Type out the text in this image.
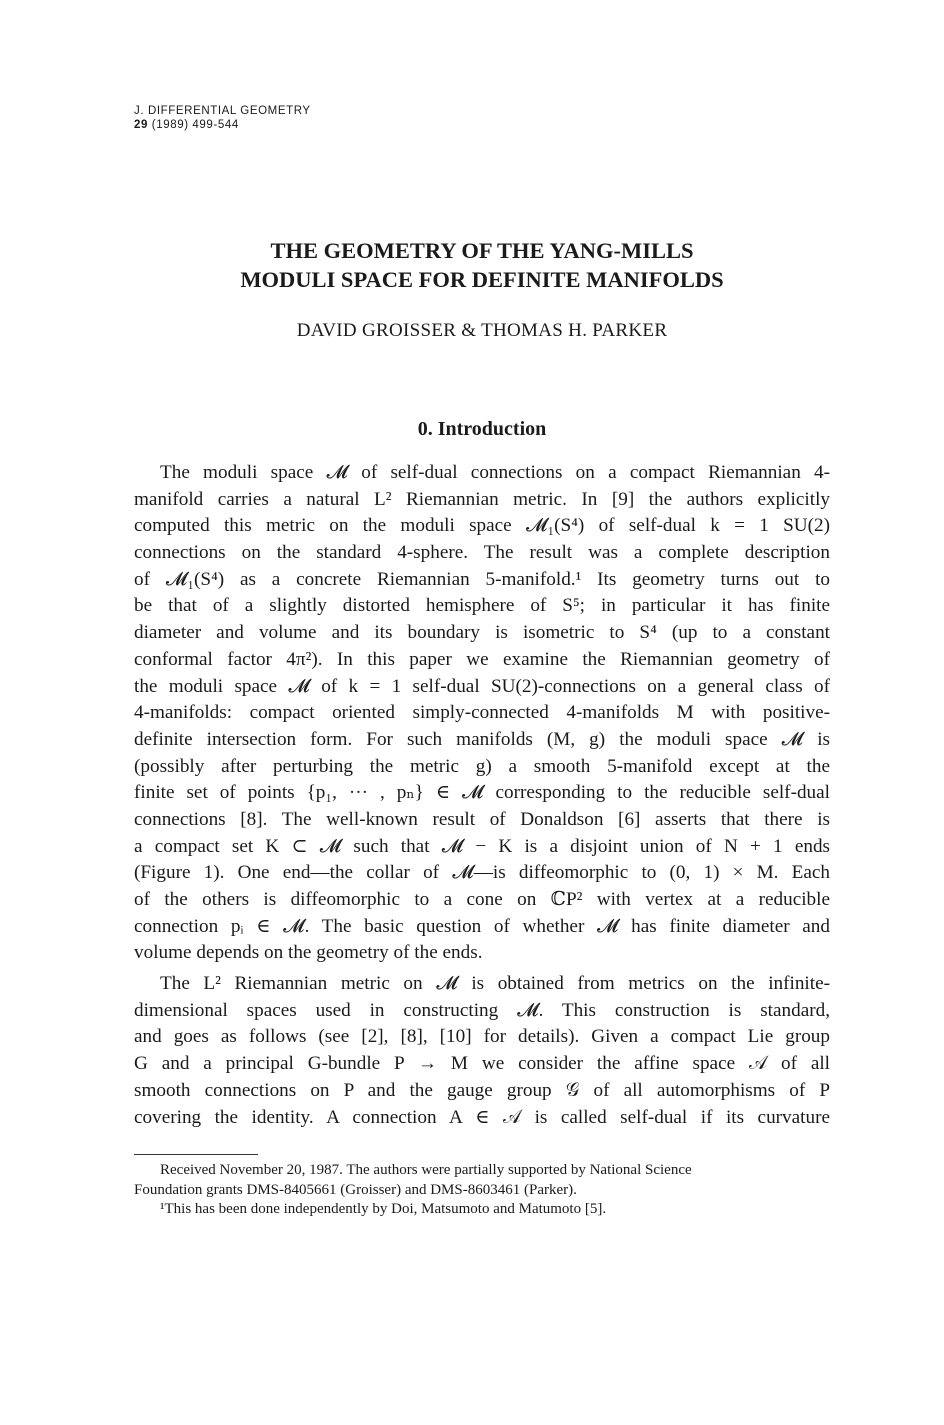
J. DIFFERENTIAL GEOMETRY
29 (1989) 499-544
THE GEOMETRY OF THE YANG-MILLS
MODULI SPACE FOR DEFINITE MANIFOLDS
DAVID GROISSER & THOMAS H. PARKER
0. Introduction
The moduli space 𝓜 of self-dual connections on a compact Riemannian 4-
manifold carries a natural L² Riemannian metric. In [9] the authors explicitly
computed this metric on the moduli space 𝓜₁(S⁴) of self-dual k = 1 SU(2)
connections on the standard 4-sphere. The result was a complete description
of 𝓜₁(S⁴) as a concrete Riemannian 5-manifold.¹ Its geometry turns out to
be that of a slightly distorted hemisphere of S⁵; in particular it has finite
diameter and volume and its boundary is isometric to S⁴ (up to a constant
conformal factor 4π²). In this paper we examine the Riemannian geometry of
the moduli space 𝓜 of k = 1 self-dual SU(2)-connections on a general class of
4-manifolds: compact oriented simply-connected 4-manifolds M with positive-
definite intersection form. For such manifolds (M, g) the moduli space 𝓜 is
(possibly after perturbing the metric g) a smooth 5-manifold except at the
finite set of points {p₁, ··· , pₙ} ∈ 𝓜 corresponding to the reducible self-dual
connections [8]. The well-known result of Donaldson [6] asserts that there is
a compact set K ⊂ 𝓜 such that 𝓜 − K is a disjoint union of N + 1 ends
(Figure 1). One end—the collar of 𝓜—is diffeomorphic to (0, 1) × M. Each
of the others is diffeomorphic to a cone on ℂP² with vertex at a reducible
connection pᵢ ∈ 𝓜. The basic question of whether 𝓜 has finite diameter and
volume depends on the geometry of the ends.
The L² Riemannian metric on 𝓜 is obtained from metrics on the infinite-
dimensional spaces used in constructing 𝓜. This construction is standard,
and goes as follows (see [2], [8], [10] for details). Given a compact Lie group
G and a principal G-bundle P → M we consider the affine space 𝒜 of all
smooth connections on P and the gauge group 𝒢 of all automorphisms of P
covering the identity. A connection A ∈ 𝒜 is called self-dual if its curvature
Received November 20, 1987. The authors were partially supported by National Science
Foundation grants DMS-8405661 (Groisser) and DMS-8603461 (Parker).
¹This has been done independently by Doi, Matsumoto and Matumoto [5].
